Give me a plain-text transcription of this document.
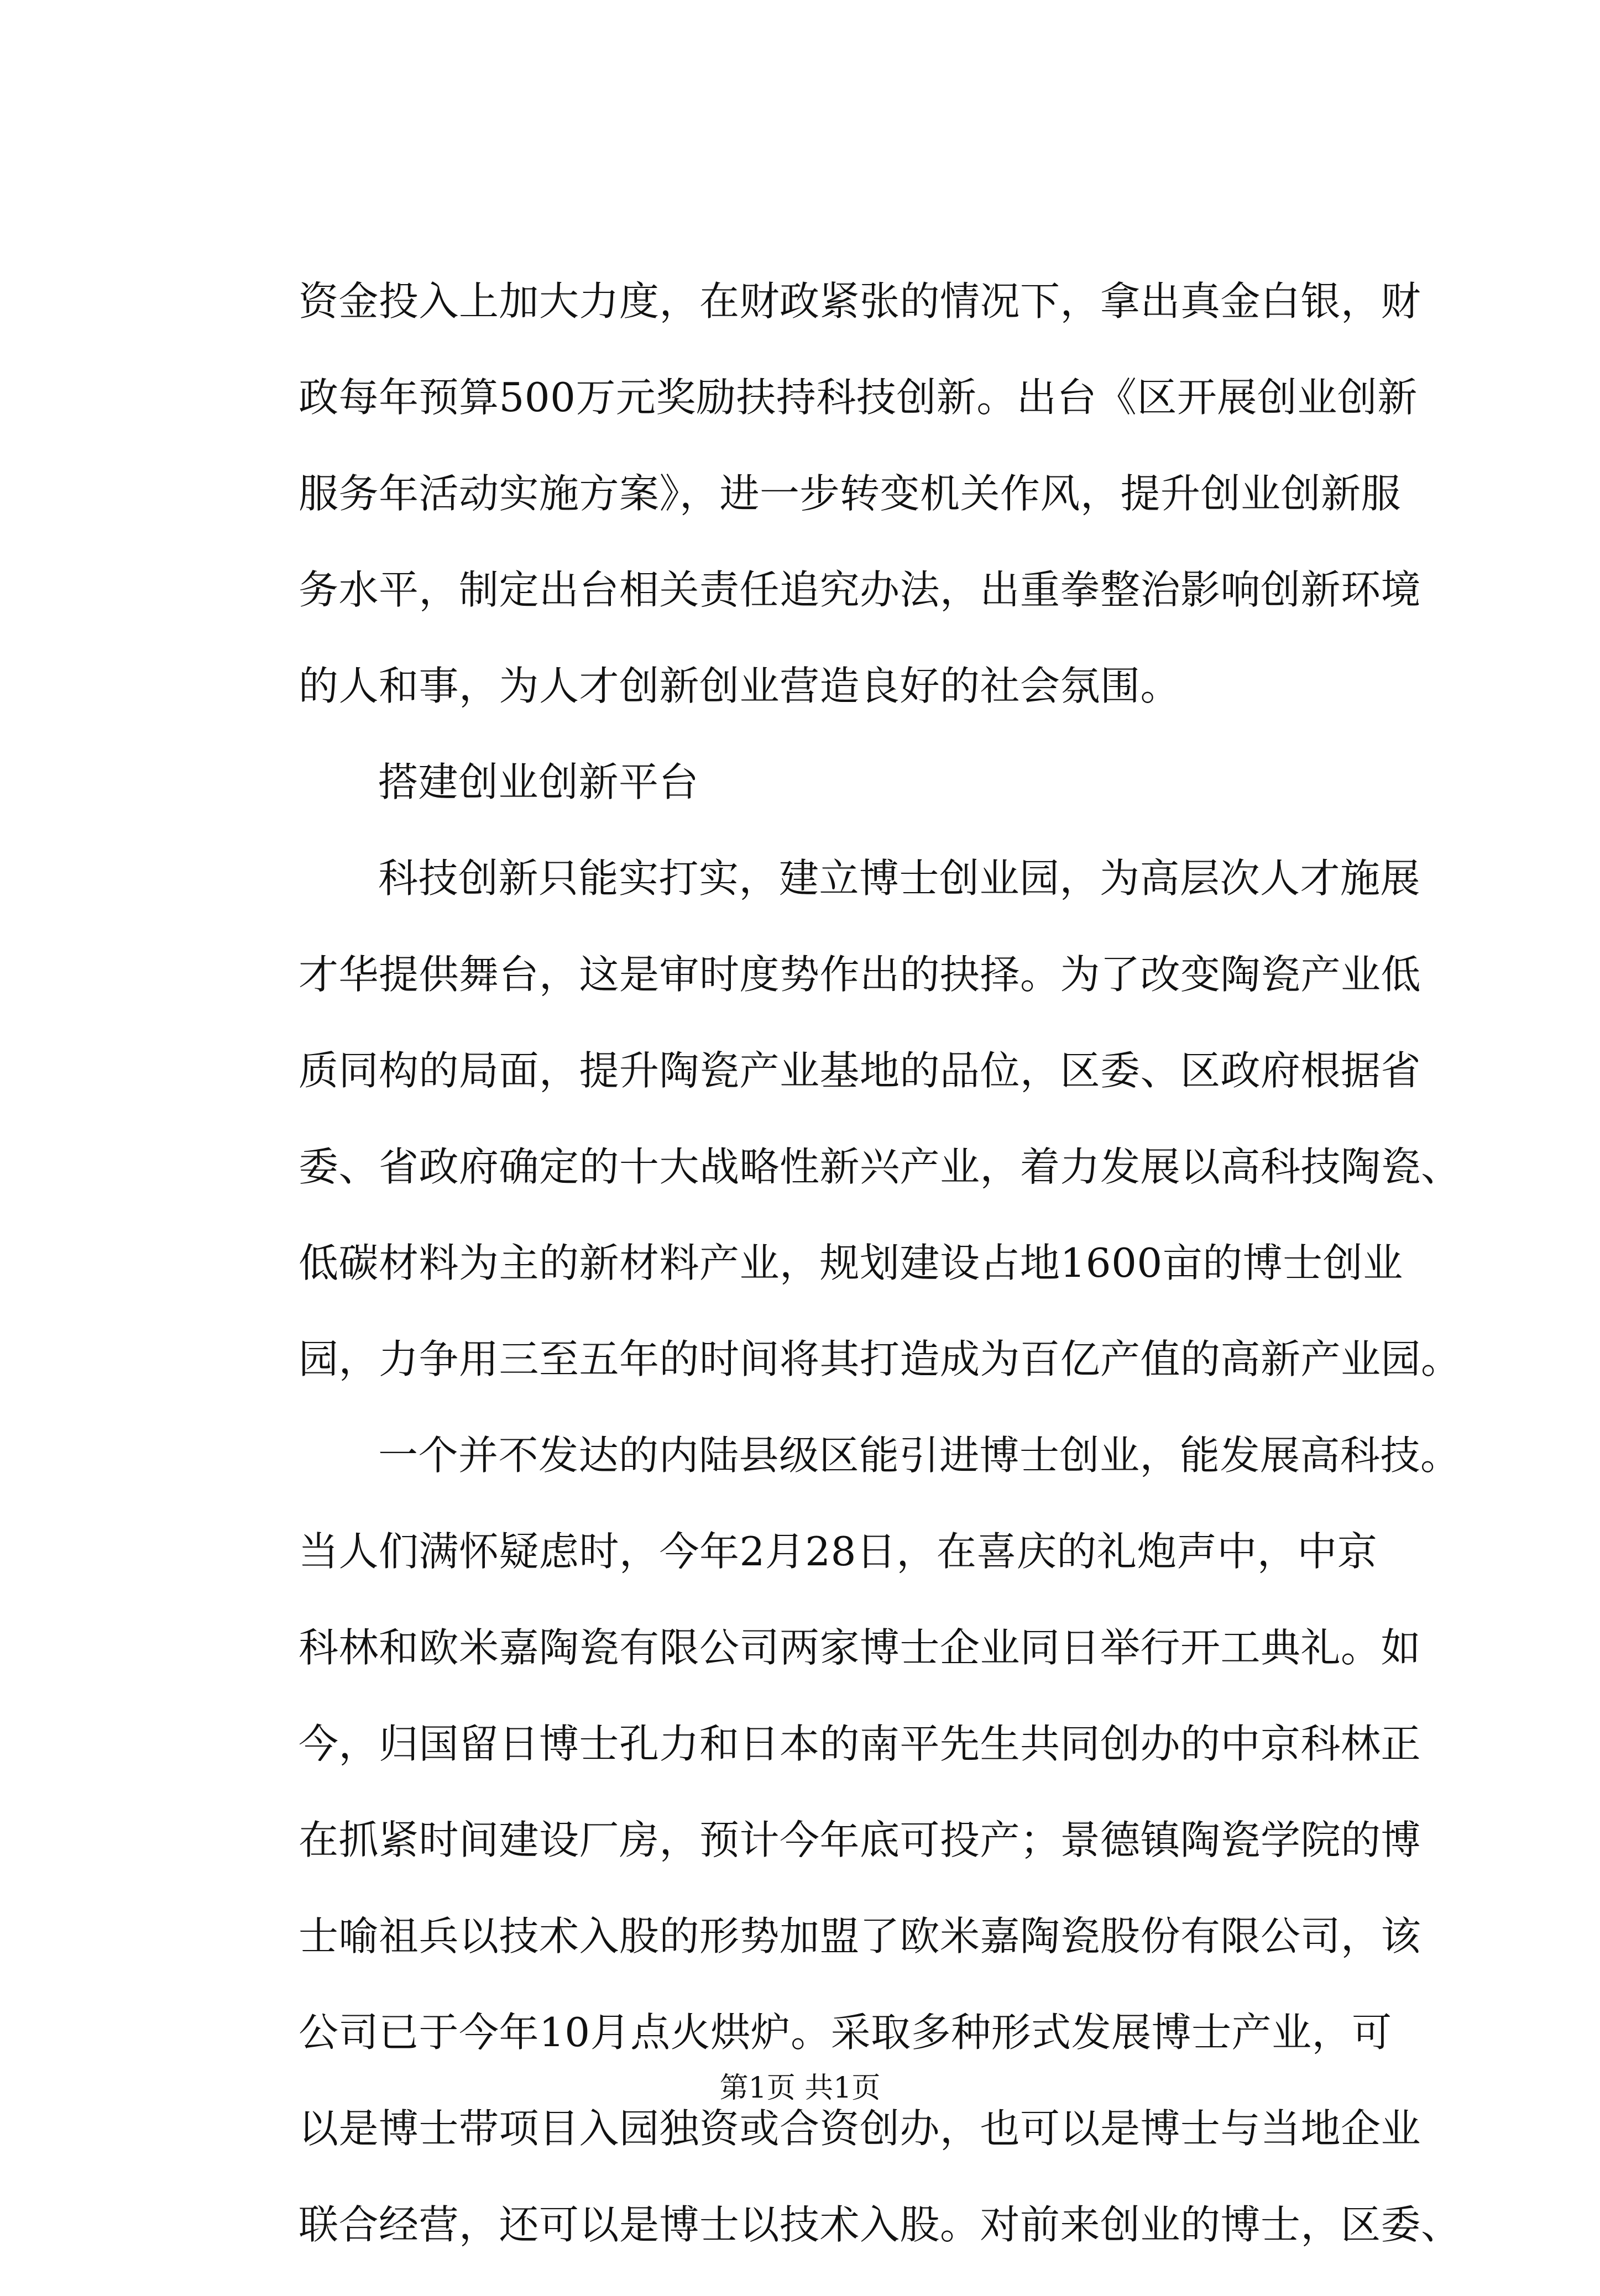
资金投入上加大力度，在财政紧张的情况下，拿出真金白银，财
政每年预算500万元奖励扶持科技创新。出台《区开展创业创新
服务年活动实施方案》，进一步转变机关作风，提升创业创新服
务水平，制定出台相关责任追究办法，出重拳整治影响创新环境
的人和事，为人才创新创业营造良好的社会氛围。
搭建创业创新平台
科技创新只能实打实，建立博士创业园，为高层次人才施展
才华提供舞台，这是审时度势作出的抉择。为了改变陶瓷产业低
质同构的局面，提升陶瓷产业基地的品位，区委、区政府根据省
委、省政府确定的十大战略性新兴产业，着力发展以高科技陶瓷、
低碳材料为主的新材料产业，规划建设占地1600亩的博士创业
园，力争用三至五年的时间将其打造成为百亿产值的高新产业园。
一个并不发达的内陆县级区能引进博士创业，能发展高科技。
当人们满怀疑虑时，今年2月28日，在喜庆的礼炮声中，中京
科林和欧米嘉陶瓷有限公司两家博士企业同日举行开工典礼。如
今，归国留日博士孔力和日本的南平先生共同创办的中京科林正
在抓紧时间建设厂房，预计今年底可投产；景德镇陶瓷学院的博
士喻祖兵以技术入股的形势加盟了欧米嘉陶瓷股份有限公司，该
公司已于今年10月点火烘炉。采取多种形式发展博士产业，可
以是博士带项目入园独资或合资创办，也可以是博士与当地企业
联合经营，还可以是博士以技术入股。对前来创业的博士，区委、
第1页 共1页
